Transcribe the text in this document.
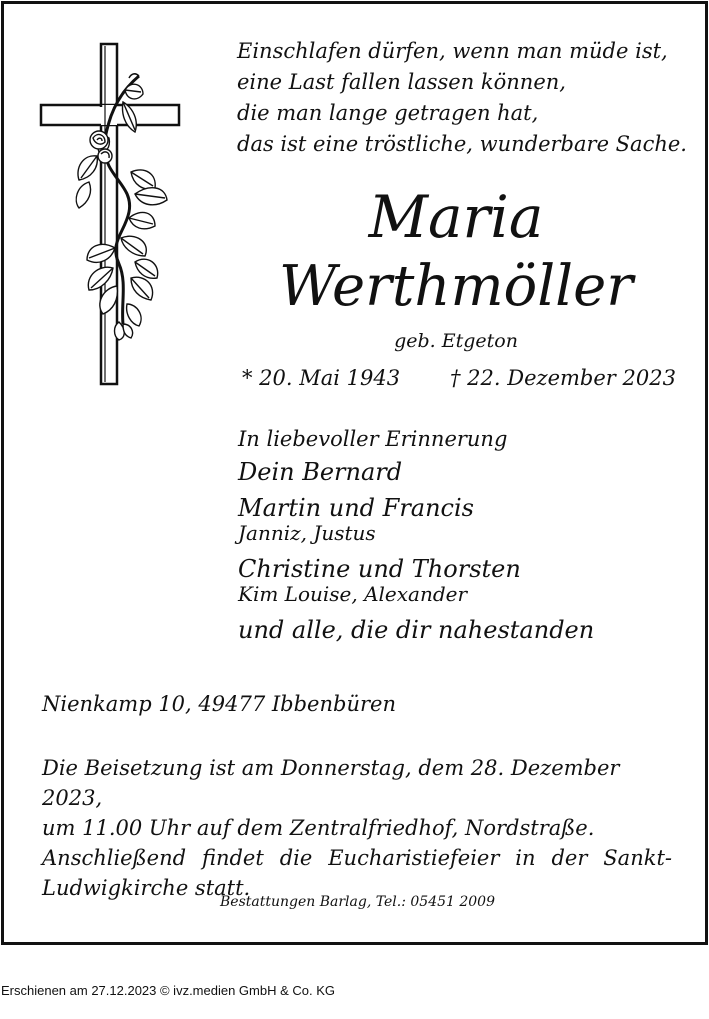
Einschlafen dürfen, wenn man müde ist,
eine Last fallen lassen können,
die man lange getragen hat,
das ist eine tröstliche, wunderbare Sache.
Maria
Werthmöller
geb. Etgeton
* 20. Mai 1943 † 22. Dezember 2023
In liebevoller Erinnerung
Dein Bernard
Martin und Francis
Janniz, Justus
Christine und Thorsten
Kim Louise, Alexander
und alle, die dir nahestanden
Nienkamp 10, 49477 Ibbenbüren
Die Beisetzung ist am Donnerstag, dem 28. Dezember 2023,
um 11.00 Uhr auf dem Zentralfriedhof, Nordstraße.
Anschließend findet die Eucharistiefeier in der Sankt-
Ludwigkirche statt.
Bestattungen Barlag, Tel.: 05451 2009
Erschienen am 27.12.2023 © ivz.medien GmbH & Co. KG
